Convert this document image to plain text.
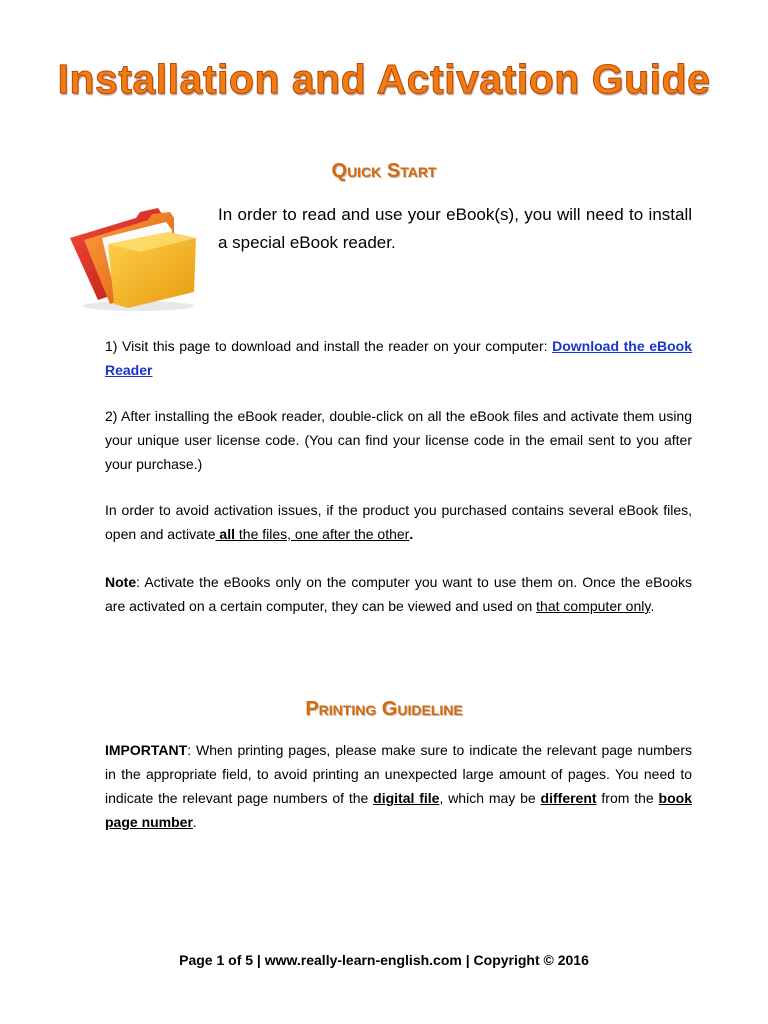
Installation and Activation Guide
Quick Start

In order to read and use your eBook(s), you will need to install a special eBook reader.

1) Visit this page to download and install the reader on your computer: Download the eBook Reader

2) After installing the eBook reader, double-click on all the eBook files and activate them using your unique user license code. (You can find your license code in the email sent to you after your purchase.)

In order to avoid activation issues, if the product you purchased contains several eBook files, open and activate all the files, one after the other.

Note: Activate the eBooks only on the computer you want to use them on. Once the eBooks are activated on a certain computer, they can be viewed and used on that computer only.

Printing Guideline

IMPORTANT: When printing pages, please make sure to indicate the relevant page numbers in the appropriate field, to avoid printing an unexpected large amount of pages. You need to indicate the relevant page numbers of the digital file, which may be different from the book page number.

Page 1 of 5 | www.really-learn-english.com | Copyright © 2016
